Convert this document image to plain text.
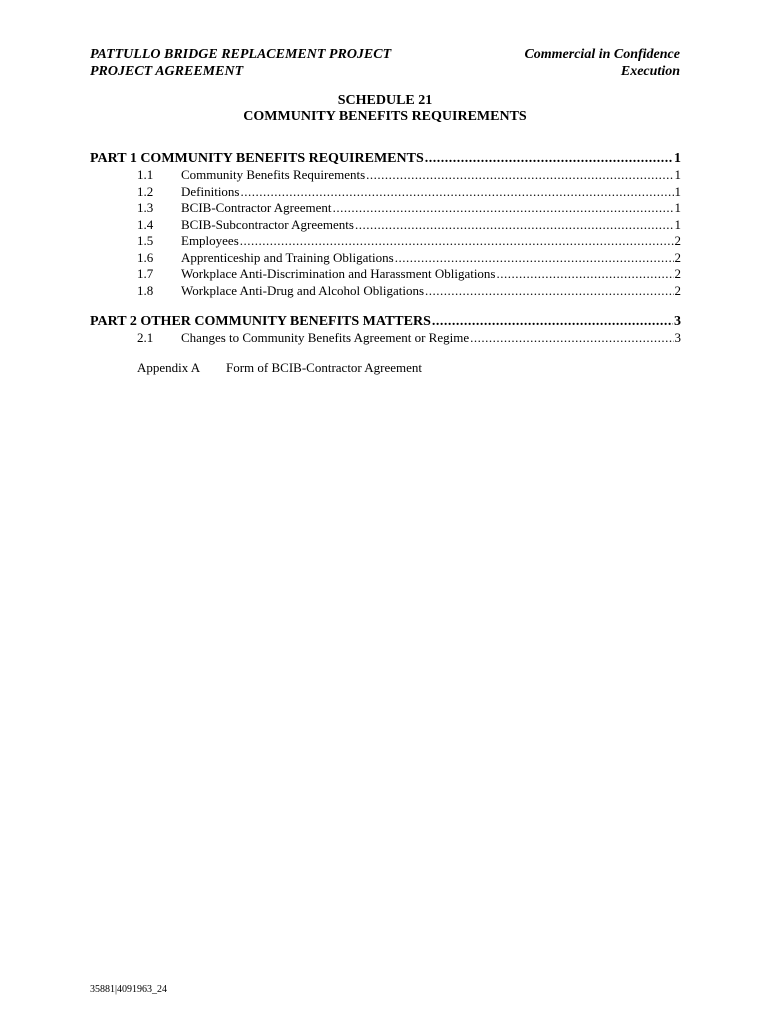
PATTULLO BRIDGE REPLACEMENT PROJECT
PROJECT AGREEMENT
Commercial in Confidence
Execution
SCHEDULE 21
COMMUNITY BENEFITS REQUIREMENTS
PART 1 COMMUNITY BENEFITS REQUIREMENTS .....	1
1.1	Community Benefits Requirements .....	1
1.2	Definitions .....	1
1.3	BCIB-Contractor Agreement .....	1
1.4	BCIB-Subcontractor Agreements .....	1
1.5	Employees .....	2
1.6	Apprenticeship and Training Obligations .....	2
1.7	Workplace Anti-Discrimination and Harassment Obligations .....	2
1.8	Workplace Anti-Drug and Alcohol Obligations .....	2
PART 2 OTHER COMMUNITY BENEFITS MATTERS .....	3
2.1	Changes to Community Benefits Agreement or Regime .....	3
Appendix A Form of BCIB-Contractor Agreement
35881|4091963_24
